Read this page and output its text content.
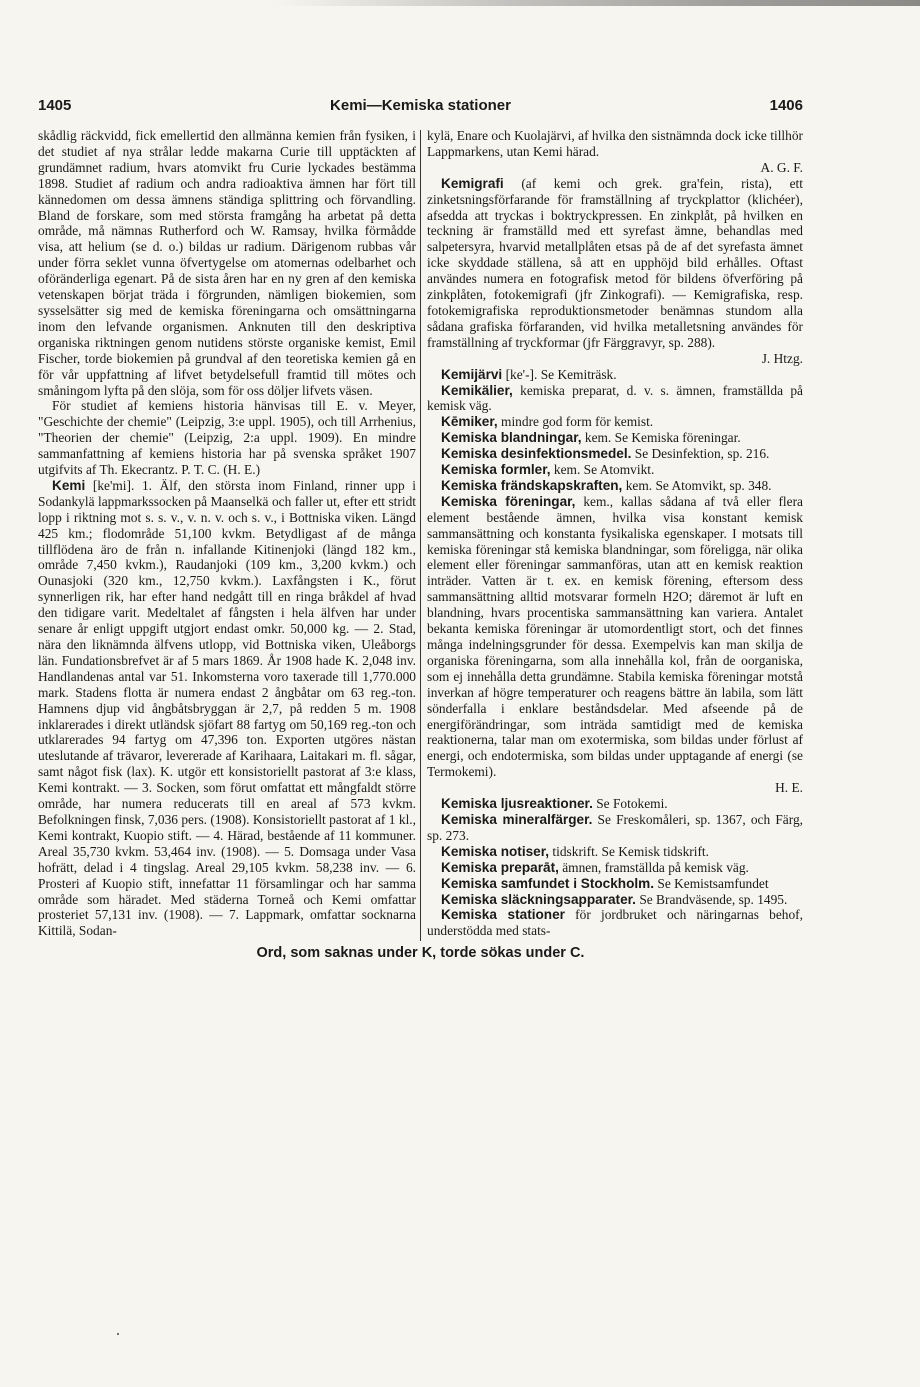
1405	Kemi—Kemiska stationer	1406

skådlig räckvidd, fick emellertid den allmänna kemien från fysiken, i det studiet af nya strålar ledde makarna Curie till upptäckten af grundämnet radium, hvars atomvikt fru Curie lyckades bestämma 1898. Studiet af radium och andra radioaktiva ämnen har fört till kännedomen om dessa ämnens ständiga splittring och förvandling. Bland de forskare, som med största framgång ha arbetat på detta område, må nämnas Rutherford och W. Ramsay, hvilka förmådde visa, att helium (se d. o.) bildas ur radium. Därigenom rubbas vår under förra seklet vunna öfvertygelse om atomernas odelbarhet och oföränderliga egenart. På de sista åren har en ny gren af den kemiska vetenskapen börjat träda i förgrunden, nämligen biokemien, som sysselsätter sig med de kemiska föreningarna och omsättningarna inom den lefvande organismen. Anknuten till den deskriptiva organiska riktningen genom nutidens störste organiske kemist, Emil Fischer, torde biokemien på grundval af den teoretiska kemien gå en för vår uppfattning af lifvet betydelsefull framtid till mötes och småningom lyfta på den slöja, som för oss döljer lifvets väsen.

För studiet af kemiens historia hänvisas till E. v. Meyer, "Geschichte der chemie" (Leipzig, 3:e uppl. 1905), och till Arrhenius, "Theorien der chemie" (Leipzig, 2:a uppl. 1909). En mindre sammanfattning af kemiens historia har på svenska språket 1907 utgifvits af Th. Ekecrantz. P. T. C. (H. E.)

Kemi [ke'mi]. 1. Älf, den största inom Finland, rinner upp i Sodankylä lappmarkssocken på Maanselkä och faller ut, efter ett stridt lopp i riktning mot s. s. v., v. n. v. och s. v., i Bottniska viken. Längd 425 km.; flodområde 51,100 kvkm. Betydligast af de många tillflödena äro de från n. infallande Kitinenjoki (längd 182 km., område 7,450 kvkm.), Raudanjoki (109 km., 3,200 kvkm.) och Ounasjoki (320 km., 12,750 kvkm.). Laxfångsten i K., förut synnerligen rik, har efter hand nedgått till en ringa bråkdel af hvad den tidigare varit. Medeltalet af fångsten i hela älfven har under senare år enligt uppgift utgjort endast omkr. 50,000 kg. — 2. Stad, nära den liknämnda älfvens utlopp, vid Bottniska viken, Uleåborgs län. Fundationsbrefvet är af 5 mars 1869. År 1908 hade K. 2,048 inv. Handlandenas antal var 51. Inkomsterna voro taxerade till 1,770.000 mark. Stadens flotta är numera endast 2 ångbåtar om 63 reg.-ton. Hamnens djup vid ångbåtsbryggan är 2,7, på redden 5 m. 1908 inklarerades i direkt utländsk sjöfart 88 fartyg om 50,169 reg.-ton och utklarerades 94 fartyg om 47,396 ton. Exporten utgöres nästan uteslutande af trävaror, levererade af Karihaara, Laitakari m. fl. sågar, samt något fisk (lax). K. utgör ett konsistoriellt pastorat af 3:e klass, Kemi kontrakt. — 3. Socken, som förut omfattat ett mångfaldt större område, har numera reducerats till en areal af 573 kvkm. Befolkningen finsk, 7,036 pers. (1908). Konsistoriellt pastorat af 1 kl., Kemi kontrakt, Kuopio stift. — 4. Härad, bestående af 11 kommuner. Areal 35,730 kvkm. 53,464 inv. (1908). — 5. Domsaga under Vasa hofrätt, delad i 4 tingslag. Areal 29,105 kvkm. 58,238 inv. — 6. Prosteri af Kuopio stift, innefattar 11 församlingar och har samma område som häradet. Med städerna Torneå och Kemi omfattar prosteriet 57,131 inv. (1908). — 7. Lappmark, omfattar socknarna Kittilä, Sodan-

kylä, Enare och Kuolajärvi, af hvilka den sistnämnda dock icke tillhör Lappmarkens, utan Kemi härad.
A. G. F.

Kemigrafi (af kemi och grek. gra'fein, rista), ett zinketsningsförfarande för framställning af tryckplattor (klichéer), afsedda att tryckas i boktryckpressen. En zinkplåt, på hvilken en teckning är framställd med ett syrefast ämne, behandlas med salpetersyra, hvarvid metallplåten etsas på de af det syrefasta ämnet icke skyddade ställena, så att en upphöjd bild erhålles. Oftast användes numera en fotografisk metod för bildens öfverföring på zinkplåten, fotokemigrafi (jfr Zinkografi). — Kemigrafiska, resp. fotokemigrafiska reproduktionsmetoder benämnas stundom alla sådana grafiska förfaranden, vid hvilka metalletsning användes för framställning af tryckformar (jfr Färggravyr, sp. 288).
J. Htzg.

Kemijärvi [ke'-]. Se Kemiträsk.

Kemikälier, kemiska preparat, d. v. s. ämnen, framställda på kemisk väg.

Kēmiker, mindre god form för kemist.

Kemiska blandningar, kem. Se Kemiska föreningar.

Kemiska desinfektionsmedel. Se Desinfektion, sp. 216.

Kemiska formler, kem. Se Atomvikt.

Kemiska frändskapskraften, kem. Se Atomvikt, sp. 348.

Kemiska föreningar, kem., kallas sådana af två eller flera element bestående ämnen, hvilka visa konstant kemisk sammansättning och konstanta fysikaliska egenskaper. I motsats till kemiska föreningar stå kemiska blandningar, som föreligga, när olika element eller föreningar sammanföras, utan att en kemisk reaktion inträder. Vatten är t. ex. en kemisk förening, eftersom dess sammansättning alltid motsvarar formeln H2O; däremot är luft en blandning, hvars procentiska sammansättning kan variera. Antalet bekanta kemiska föreningar är utomordentligt stort, och det finnes många indelningsgrunder för dessa. Exempelvis kan man skilja de organiska föreningarna, som alla innehålla kol, från de oorganiska, som ej innehålla detta grundämne. Stabila kemiska föreningar motstå inverkan af högre temperaturer och reagens bättre än labila, som lätt sönderfalla i enklare beståndsdelar. Med afseende på de energiförändringar, som inträda samtidigt med de kemiska reaktionerna, talar man om exotermiska, som bildas under förlust af energi, och endotermiska, som bildas under upptagande af energi (se Termokemi).
H. E.

Kemiska ljusreaktioner. Se Fotokemi.

Kemiska mineralfärger. Se Freskomåleri, sp. 1367, och Färg, sp. 273.

Kemiska notiser, tidskrift. Se Kemisk tidskrift.

Kemiska preparāt, ämnen, framställda på kemisk väg.

Kemiska samfundet i Stockholm. Se Kemistsamfundet

Kemiska släckningsapparater. Se Brandväsende, sp. 1495.

Kemiska stationer för jordbruket och näringarnas behof, understödda med stats-

Ord, som saknas under K, torde sökas under C.
